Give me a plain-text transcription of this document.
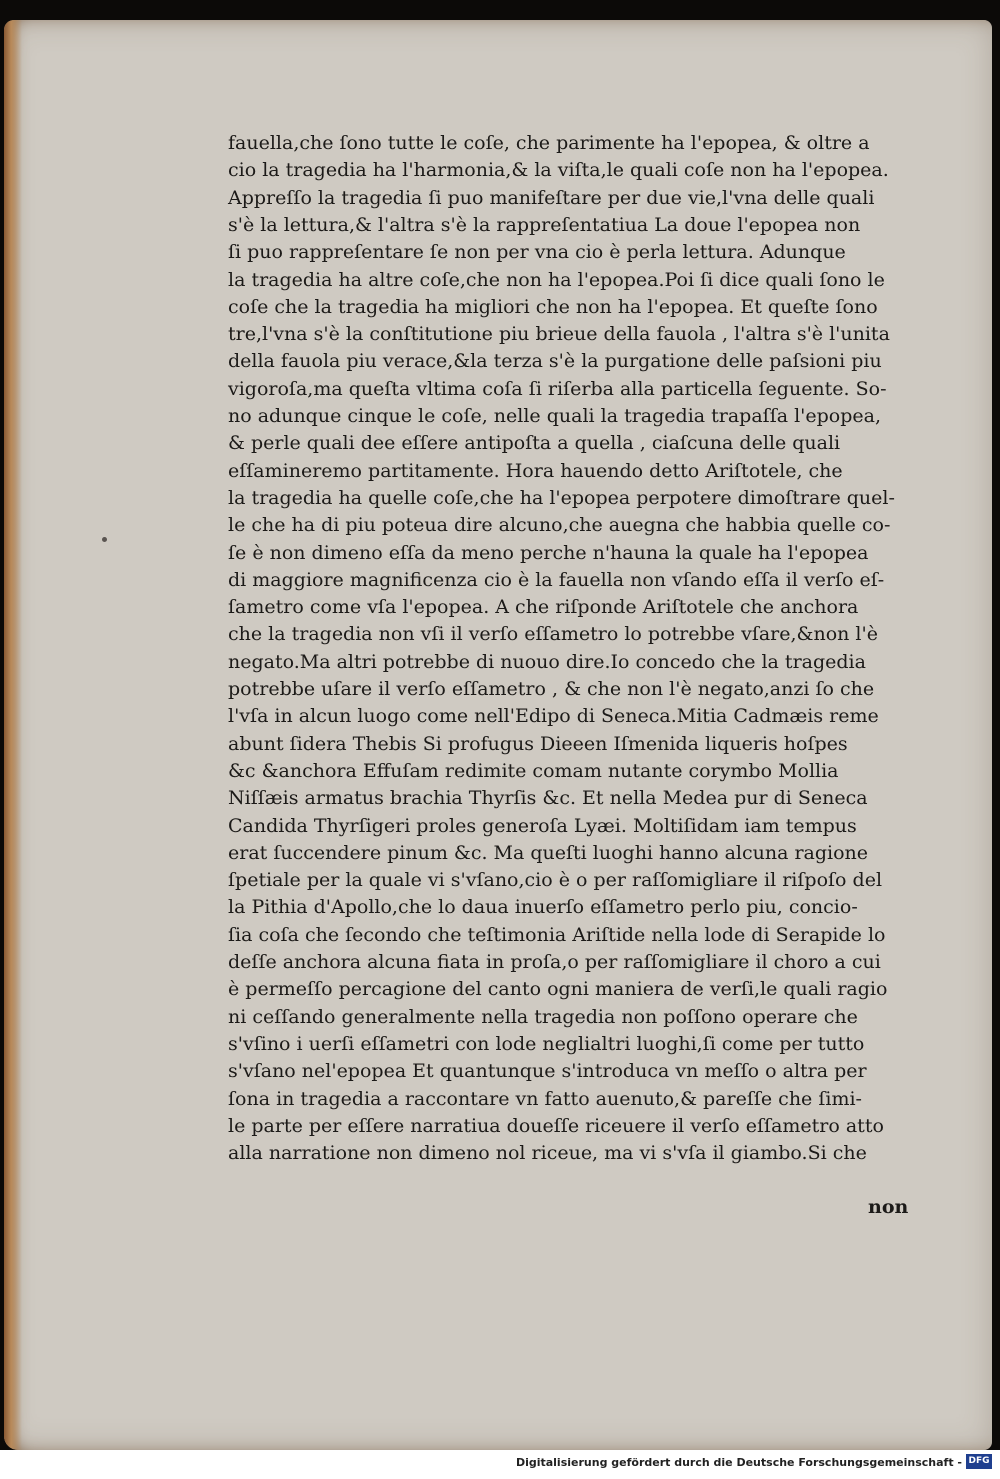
fauella,che ſono tutte le coſe, che parimente ha l'epopea, & oltre a
cio la tragedia ha l'harmonia,& la viſta,le quali coſe non ha l'epopea.
Appreſſo la tragedia ſi puo manifeſtare per due vie,l'vna delle quali
s'è la lettura,& l'altra s'è la rappreſentatiua La doue l'epopea non
ſi puo rappreſentare ſe non per vna cio è perla lettura. Adunque
la tragedia ha altre coſe,che non ha l'epopea.Poi ſi dice quali ſono le
coſe che la tragedia ha migliori che non ha l'epopea. Et queſte ſono
tre,l'vna s'è la conſtitutione piu brieue della fauola , l'altra s'è l'unita
della fauola piu verace,&la terza s'è la purgatione delle paſsioni piu
vigoroſa,ma queſta vltima coſa ſi riſerba alla particella ſeguente. So-
no adunque cinque le coſe, nelle quali la tragedia trapaſſa l'epopea,
& perle quali dee eſſere antipoſta a quella , ciaſcuna delle quali
eſſamineremo partitamente. Hora hauendo detto Ariſtotele, che
la tragedia ha quelle coſe,che ha l'epopea perpotere dimoſtrare quel-
le che ha di piu poteua dire alcuno,che auegna che habbia quelle co-
ſe è non dimeno eſſa da meno perche n'hauna la quale ha l'epopea
di maggiore magnificenza cio è la fauella non vſando eſſa il verſo eſ-
ſametro come vſa l'epopea. A che riſponde Ariſtotele che anchora
che la tragedia non vſi il verſo eſſametro lo potrebbe vſare,&non l'è
negato.Ma altri potrebbe di nuouo dire.Io concedo che la tragedia
potrebbe uſare il verſo eſſametro , & che non l'è negato,anzi ſo che
l'vſa in alcun luogo come nell'Edipo di Seneca.Mitia Cadmæis reme
abunt ſidera Thebis Si profugus Dieeen Iſmenida liqueris hoſpes
&c &anchora Effuſam redimite comam nutante corymbo Mollia
Niſſæis armatus brachia Thyrſis &c. Et nella Medea pur di Seneca
Candida Thyrſigeri proles generoſa Lyæi. Moltiſidam iam tempus
erat ſuccendere pinum &c. Ma queſti luoghi hanno alcuna ragione
ſpetiale per la quale vi s'vſano,cio è o per raſſomigliare il riſpoſo del
la Pithia d'Apollo,che lo daua inuerſo eſſametro perlo piu, concio-
ſia coſa che ſecondo che teſtimonia Ariſtide nella lode di Serapide lo
deſſe anchora alcuna fiata in proſa,o per raſſomigliare il choro a cui
è permeſſo percagione del canto ogni maniera de verſi,le quali ragio
ni ceſſando generalmente nella tragedia non poſſono operare che
s'vſino i uerſi eſſametri con lode neglialtri luoghi,ſi come per tutto
s'vſano nel'epopea Et quantunque s'introduca vn meſſo o altra per
ſona in tragedia a raccontare vn fatto auenuto,& pareſſe che ſimi-
le parte per eſſere narratiua doueſſe riceuere il verſo eſſametro atto
alla narratione non dimeno nol riceue, ma vi s'vſa il giambo.Si che
non
Digitalisierung gefördert durch die Deutsche Forschungsgemeinschaft - DFG
